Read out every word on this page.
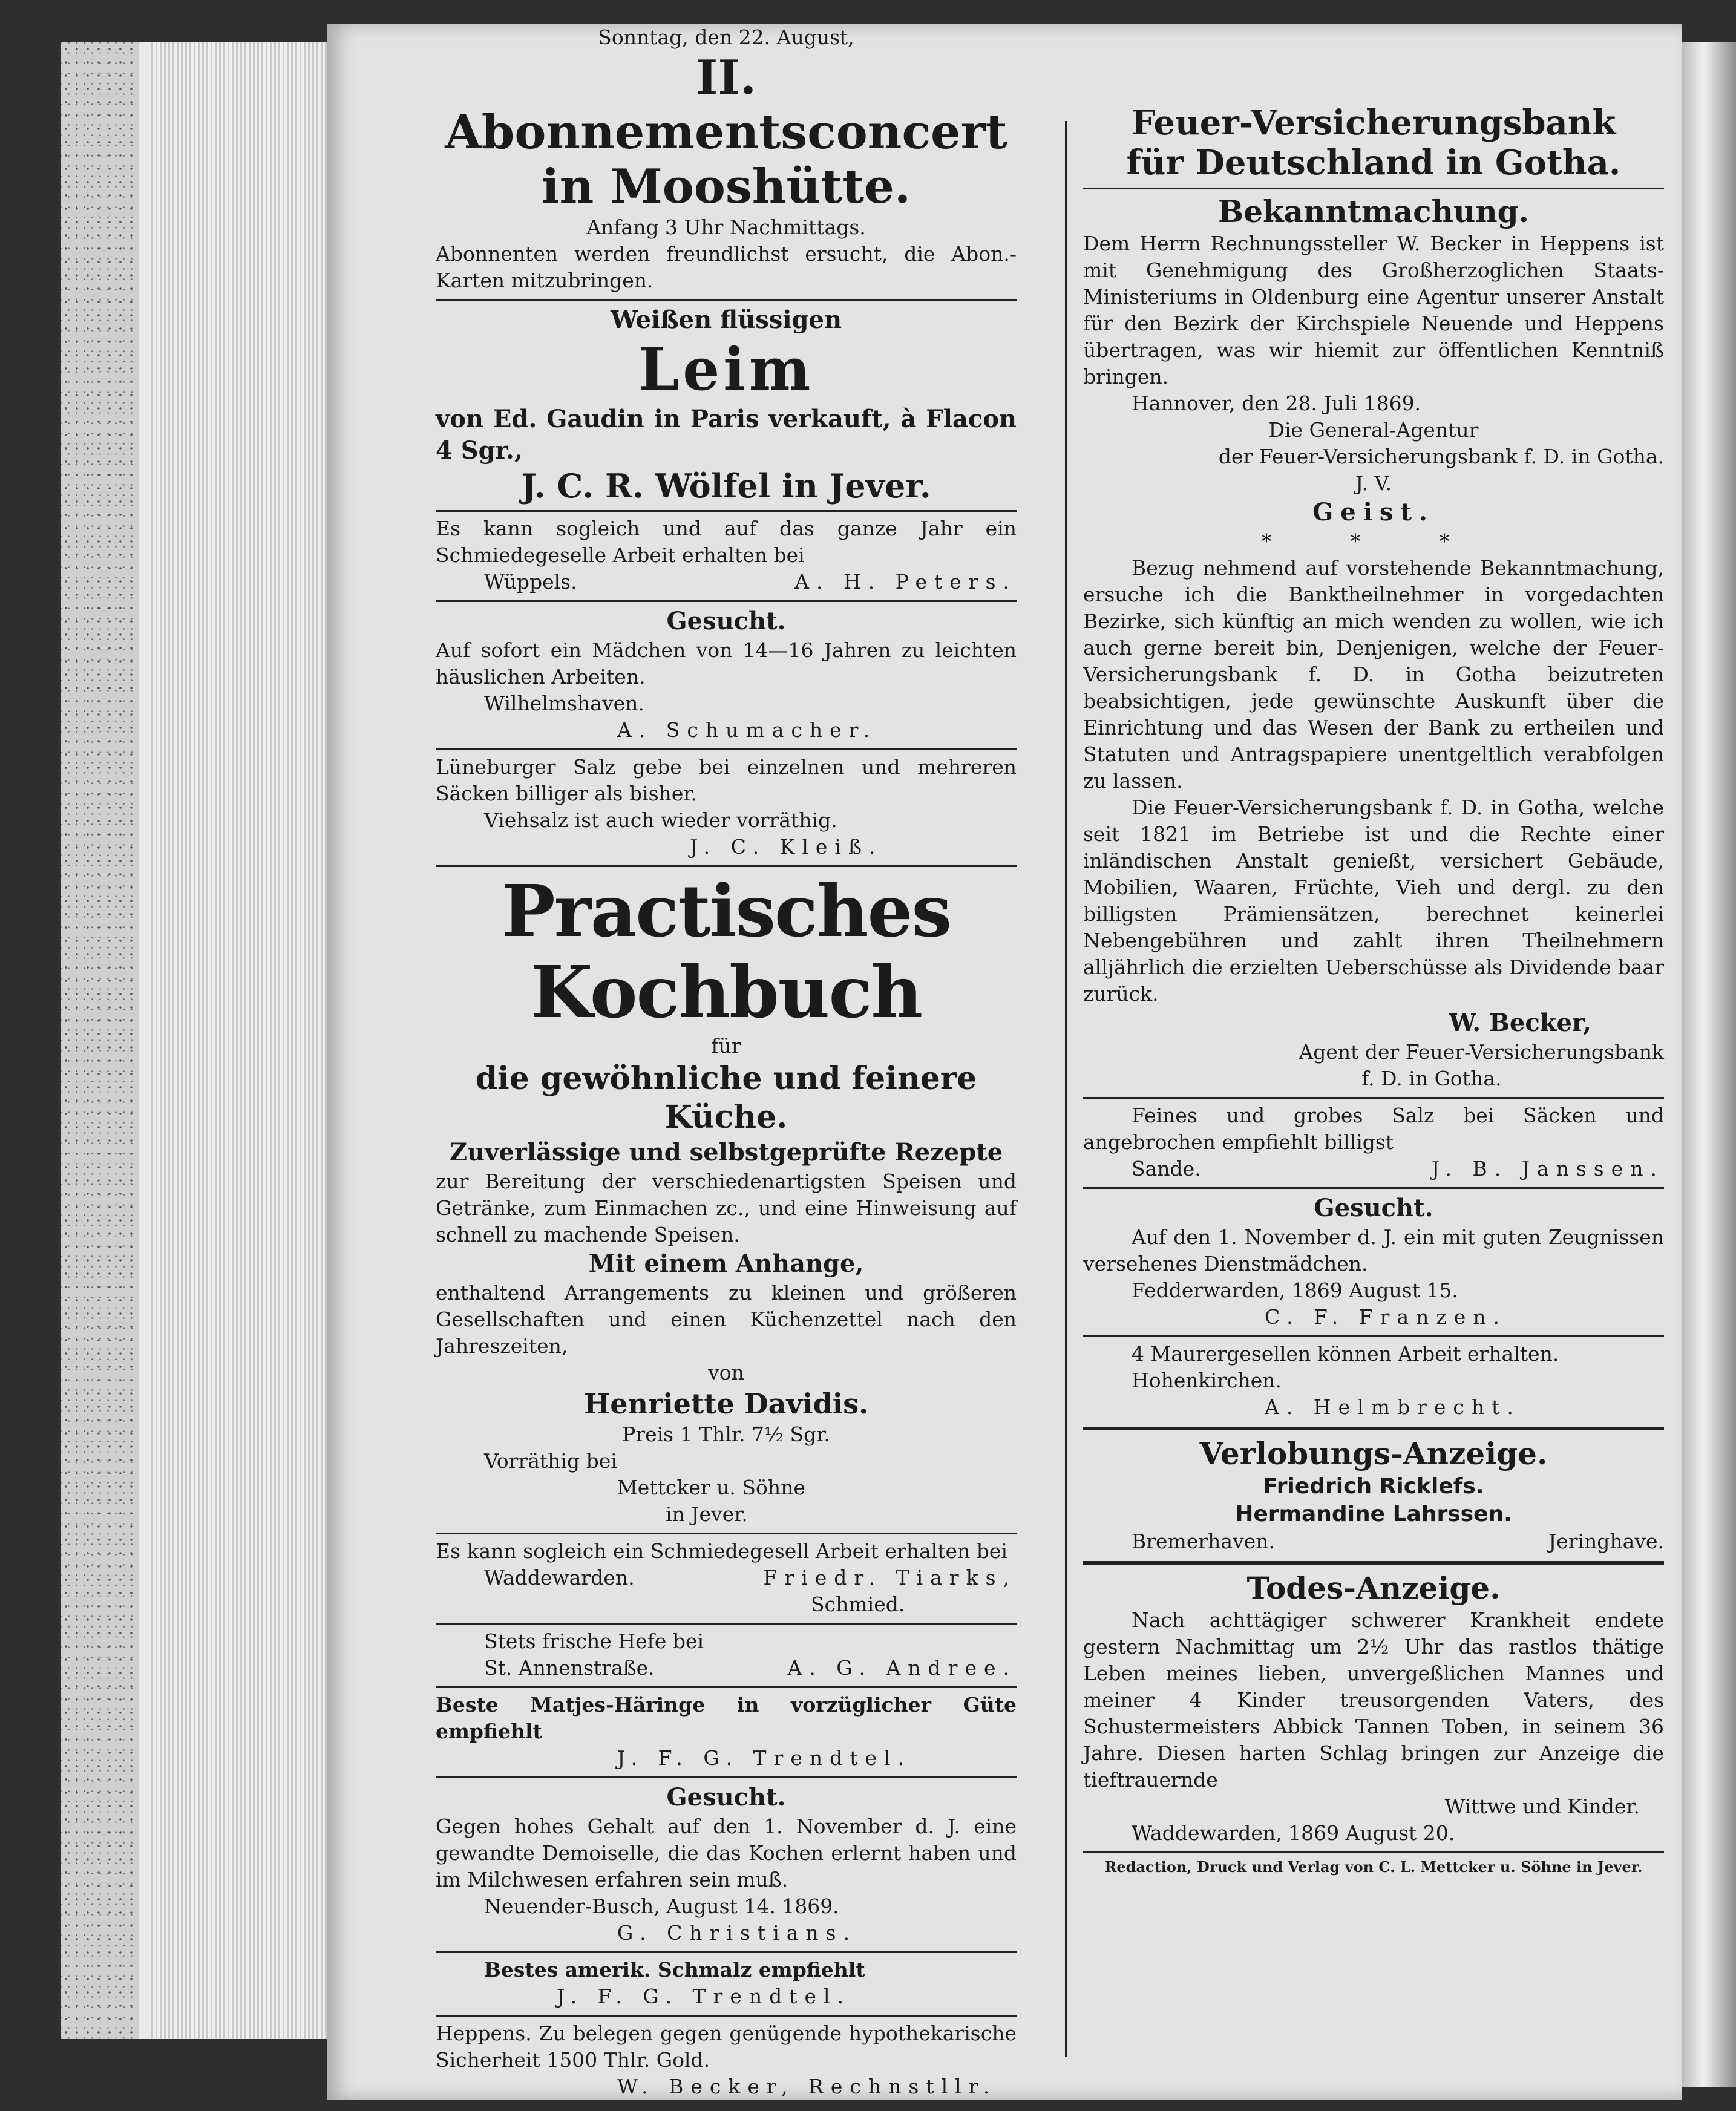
Sonntag, den 22. August,
II. Abonnementsconcert
in Mooshütte.
Anfang 3 Uhr Nachmittags.
Abonnenten werden freundlichst ersucht, die Abon.-Karten mitzubringen.
Weißen flüssigen
Leim
von Ed. Gaudin in Paris verkauft, à Flacon 4 Sgr.,
J. C. R. Wölfel in Jever.
Es kann sogleich und auf das ganze Jahr ein Schmiedegeselle Arbeit erhalten bei
Wüppels.	A. H. Peters.
Gesucht.
Auf sofort ein Mädchen von 14—16 Jahren zu leichten häuslichen Arbeiten.
Wilhelmshaven.
A. Schumacher.
Lüneburger Salz gebe bei einzelnen und mehreren Säcken billiger als bisher.
Viehsalz ist auch wieder vorräthig.
J. C. Kleiß.
Practisches Kochbuch
für
die gewöhnliche und feinere Küche.
Zuverlässige und selbstgeprüfte Rezepte
zur Bereitung der verschiedenartigsten Speisen und Getränke, zum Einmachen zc., und eine Hinweisung auf schnell zu machende Speisen.
Mit einem Anhange,
enthaltend Arrangements zu kleinen und größeren Gesellschaften und einen Küchenzettel nach den Jahreszeiten,
von
Henriette Davidis.
Preis 1 Thlr. 7½ Sgr.
Vorräthig bei
Mettcker u. Söhne
in Jever.
Es kann sogleich ein Schmiedegesell Arbeit erhalten bei
Waddewarden.	Friedr. Tiarks,
Schmied.
Stets frische Hefe bei
St. Annenstraße.	A. G. Andree.
Beste Matjes-Häringe in vorzüglicher Güte empfiehlt
J. F. G. Trendtel.
Gesucht.
Gegen hohes Gehalt auf den 1. November d. J. eine gewandte Demoiselle, die das Kochen erlernt haben und im Milchwesen erfahren sein muß.
Neuender-Busch, August 14. 1869.
G. Christians.
Bestes amerik. Schmalz empfiehlt
J. F. G. Trendtel.
Heppens. Zu belegen gegen genügende hypothekarische Sicherheit 1500 Thlr. Gold.
W. Becker, Rechnstllr.
Feuer-Versicherungsbank
für Deutschland in Gotha.
Bekanntmachung.
Dem Herrn Rechnungssteller W. Becker in Heppens ist mit Genehmigung des Großherzoglichen Staats-Ministeriums in Oldenburg eine Agentur unserer Anstalt für den Bezirk der Kirchspiele Neuende und Heppens übertragen, was wir hiemit zur öffentlichen Kenntniß bringen.
Hannover, den 28. Juli 1869.
Die General-Agentur
der Feuer-Versicherungsbank f. D. in Gotha.
J. V.
Geist.
* * *
Bezug nehmend auf vorstehende Bekanntmachung, ersuche ich die Banktheilnehmer in vorgedachten Bezirke, sich künftig an mich wenden zu wollen, wie ich auch gerne bereit bin, Denjenigen, welche der Feuer-Versicherungsbank f. D. in Gotha beizutreten beabsichtigen, jede gewünschte Auskunft über die Einrichtung und das Wesen der Bank zu ertheilen und Statuten und Antragspapiere unentgeltlich verabfolgen zu lassen.
Die Feuer-Versicherungsbank f. D. in Gotha, welche seit 1821 im Betriebe ist und die Rechte einer inländischen Anstalt genießt, versichert Gebäude, Mobilien, Waaren, Früchte, Vieh und dergl. zu den billigsten Prämiensätzen, berechnet keinerlei Nebengebühren und zahlt ihren Theilnehmern alljährlich die erzielten Ueberschüsse als Dividende baar zurück.
W. Becker,
Agent der Feuer-Versicherungsbank
f. D. in Gotha.
Feines und grobes Salz bei Säcken und angebrochen empfiehlt billigst
Sande.	J. B. Janssen.
Gesucht.
Auf den 1. November d. J. ein mit guten Zeugnissen versehenes Dienstmädchen.
Fedderwarden, 1869 August 15.
C. F. Franzen.
4 Maurergesellen können Arbeit erhalten.
Hohenkirchen.
A. Helmbrecht.
Verlobungs-Anzeige.
Friedrich Ricklefs.
Hermandine Lahrssen.
Bremerhaven.	Jeringhave.
Todes-Anzeige.
Nach achttägiger schwerer Krankheit endete gestern Nachmittag um 2½ Uhr das rastlos thätige Leben meines lieben, unvergeßlichen Mannes und meiner 4 Kinder treusorgenden Vaters, des Schustermeisters Abbick Tannen Toben, in seinem 36 Jahre. Diesen harten Schlag bringen zur Anzeige die tieftrauernde
Wittwe und Kinder.
Waddewarden, 1869 August 20.
Redaction, Druck und Verlag von C. L. Mettcker u. Söhne in Jever.
